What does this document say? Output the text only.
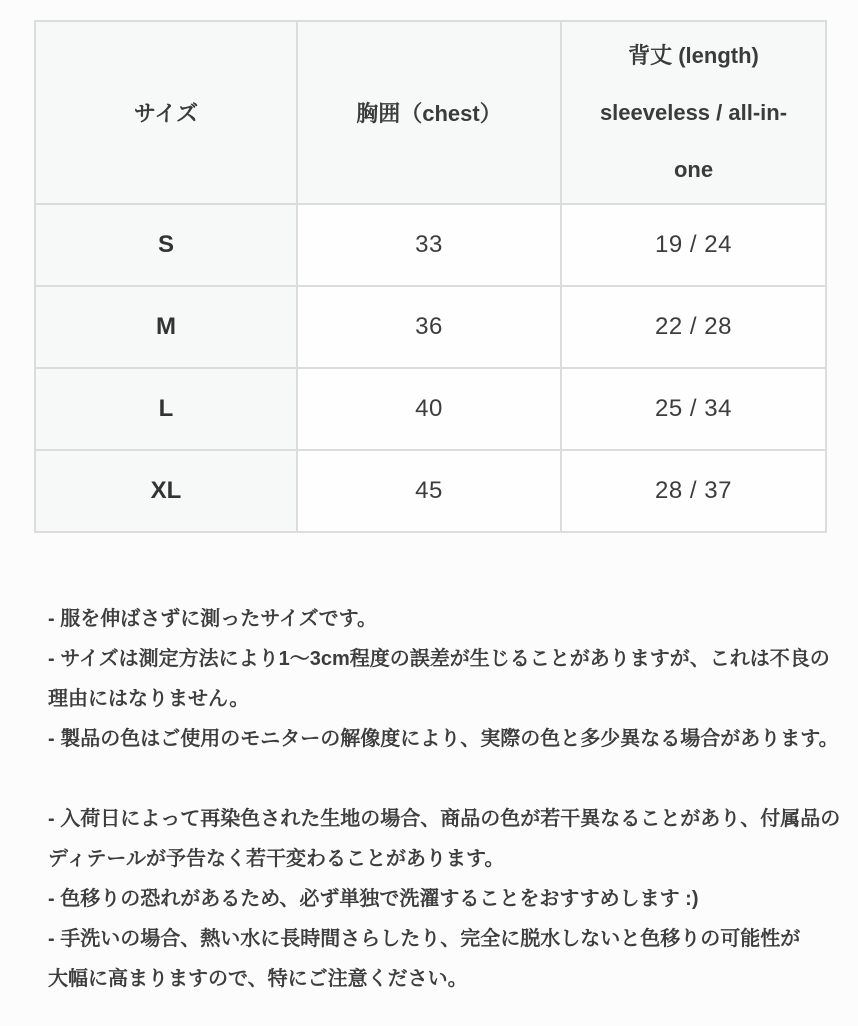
サイズ	胸囲（chest）	背丈 (length) sleeveless / all-in-one

S	33	19 / 24
M	36	22 / 28
L	40	25 / 34
XL	45	28 / 37
- 服を伸ばさずに測ったサイズです。
- サイズは測定方法により1〜3cm程度の誤差が生じることがありますが、これは不良の
理由にはなりません。
- 製品の色はご使用のモニターの解像度により、実際の色と多少異なる場合があります。
- 入荷日によって再染色された生地の場合、商品の色が若干異なることがあり、付属品の
ディテールが予告なく若干変わることがあります。
- 色移りの恐れがあるため、必ず単独で洗濯することをおすすめします :)
- 手洗いの場合、熱い水に長時間さらしたり、完全に脱水しないと色移りの可能性が
大幅に高まりますので、特にご注意ください。
